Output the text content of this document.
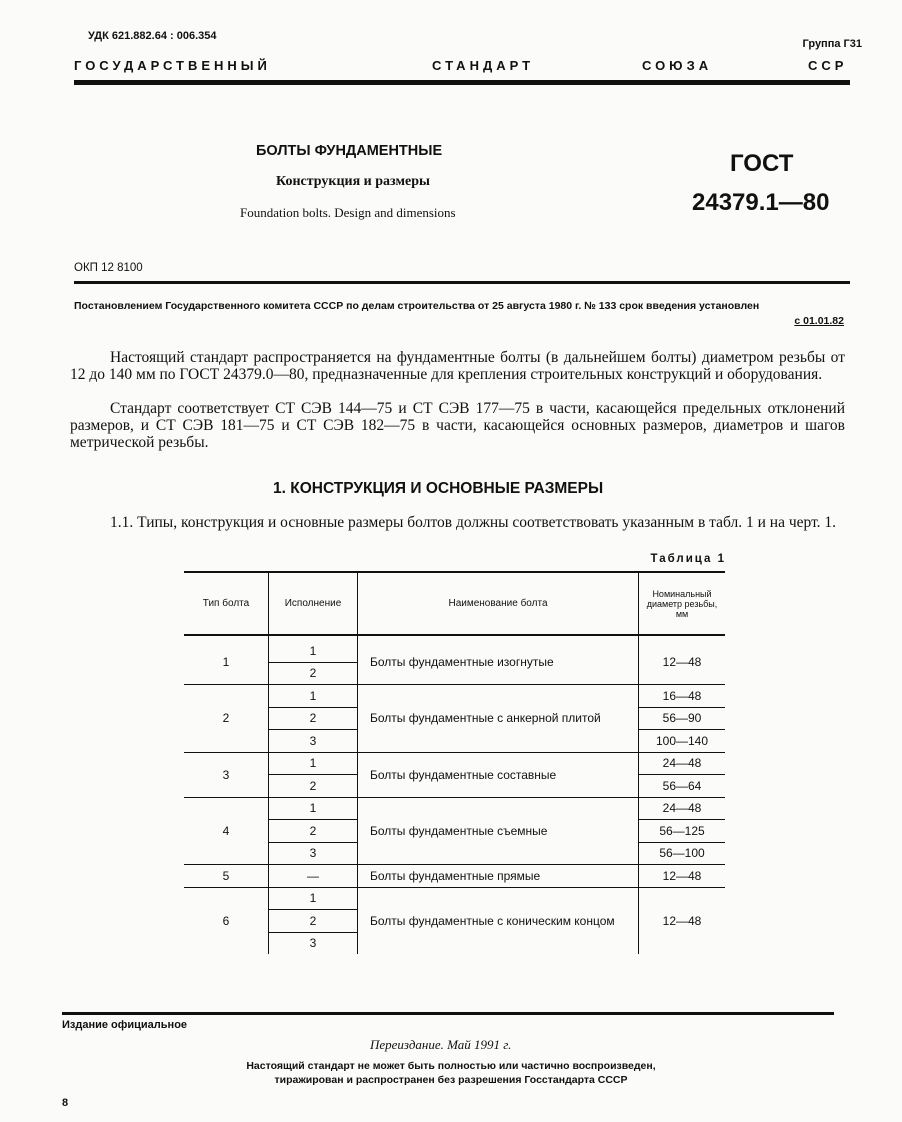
УДК 621.882.64 : 006.354
Группа Г31
ГОСУДАРСТВЕННЫЙ	СТАНДАРТ	СОЮЗА	ССР
БОЛТЫ ФУНДАМЕНТНЫЕ
Конструкция и размеры
Foundation bolts. Design and dimensions
ГОСТ
24379.1—80
ОКП 12 8100
Постановлением Государственного комитета СССР по делам строительства от 25 августа 1980 г. № 133 срок введения установлен
с 01.01.82
Настоящий стандарт распространяется на фундаментные болты (в дальнейшем болты) диаметром резьбы от 12 до 140 мм по ГОСТ 24379.0—80, предназначенные для крепления строительных конструкций и оборудования.
Стандарт соответствует СТ СЭВ 144—75 и СТ СЭВ 177—75 в части, касающейся предельных отклонений размеров, и СТ СЭВ 181—75 и СТ СЭВ 182—75 в части, касающейся основных размеров, диаметров и шагов метрической резьбы.
1. КОНСТРУКЦИЯ И ОСНОВНЫЕ РАЗМЕРЫ
1.1. Типы, конструкция и основные размеры болтов должны соответствовать указанным в табл. 1 и на черт. 1.
Таблица 1
Тип болта	Исполнение	Наименование болта	Номинальный диаметр резьбы, мм
1	1	Болты фундаментные изогнутые	12—48
	2		
2	1	Болты фундаментные с анкерной плитой	16—48
	2		56—90
	3		100—140
3	1	Болты фундаментные составные	24—48
	2		56—64
4	1	Болты фундаментные съемные	24—48
	2		56—125
	3		56—100
5	—	Болты фундаментные прямые	12—48
6	1	Болты фундаментные с коническим концом	12—48
	2		
	3		
Издание официальное
Переиздание. Май 1991 г.
Настоящий стандарт не может быть полностью или частично воспроизведен,
тиражирован и распространен без разрешения Госстандарта СССР
8
